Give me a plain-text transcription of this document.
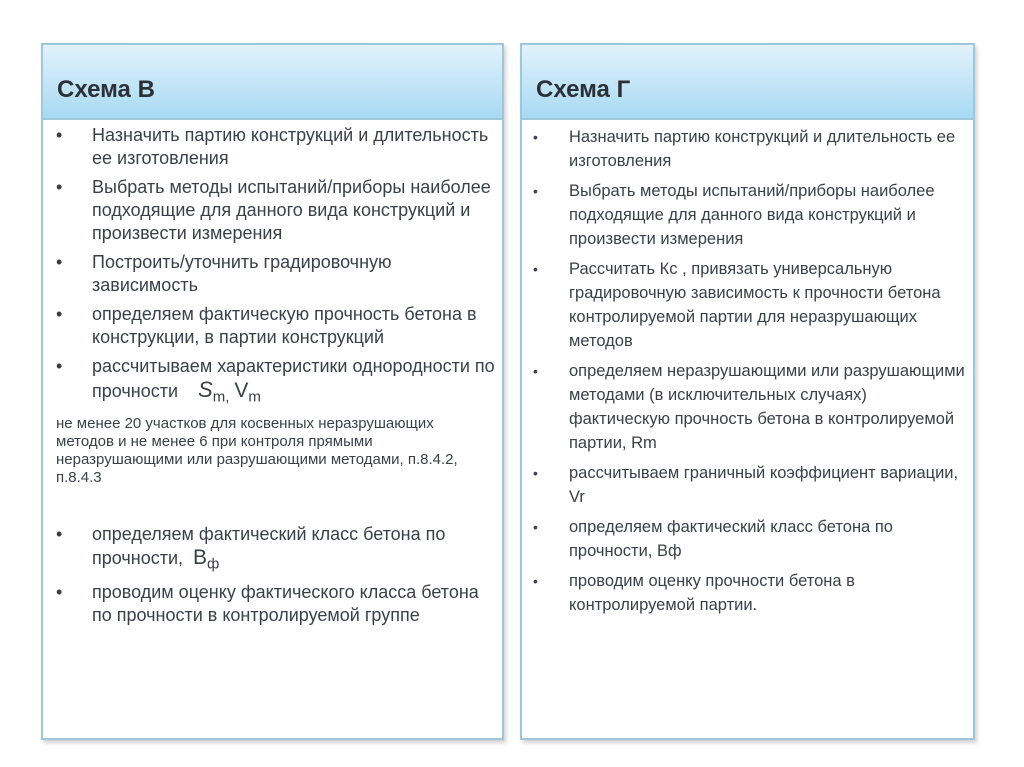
Схема В
• Назначить партию конструкций и длительность ее изготовления
• Выбрать методы испытаний/приборы наиболее подходящие для данного вида конструкций и произвести измерения
• Построить/уточнить градировочную зависимость
• определяем фактическую прочность бетона в конструкции, в партии конструкций
• рассчитываем характеристики однородности по прочности $S_{m,}$ $V_m$

не менее 20 участков для косвенных неразрушающих методов и не менее 6 при контроля прямыми неразрушающими или разрушающими методами, п.8.4.2, п.8.4.3

• определяем фактический класс бетона по прочности, $В_ф$
• проводим оценку фактического класса бетона по прочности в контролируемой группе
Схема Г
• Назначить партию конструкций и длительность ее изготовления
• Выбрать методы испытаний/приборы наиболее подходящие для данного вида конструкций и произвести измерения
• Рассчитать Кс , привязать универсальную градировочную зависимость к прочности бетона контролируемой партии для неразрушающих методов
• определяем неразрушающими или разрушающими методами (в исключительных случаях) фактическую прочность бетона в контролируемой партии, Rm
• рассчитываем граничный коэффициент вариации, Vr
• определяем фактический класс бетона по прочности, Вф
• проводим оценку прочности бетона в контролируемой партии.
